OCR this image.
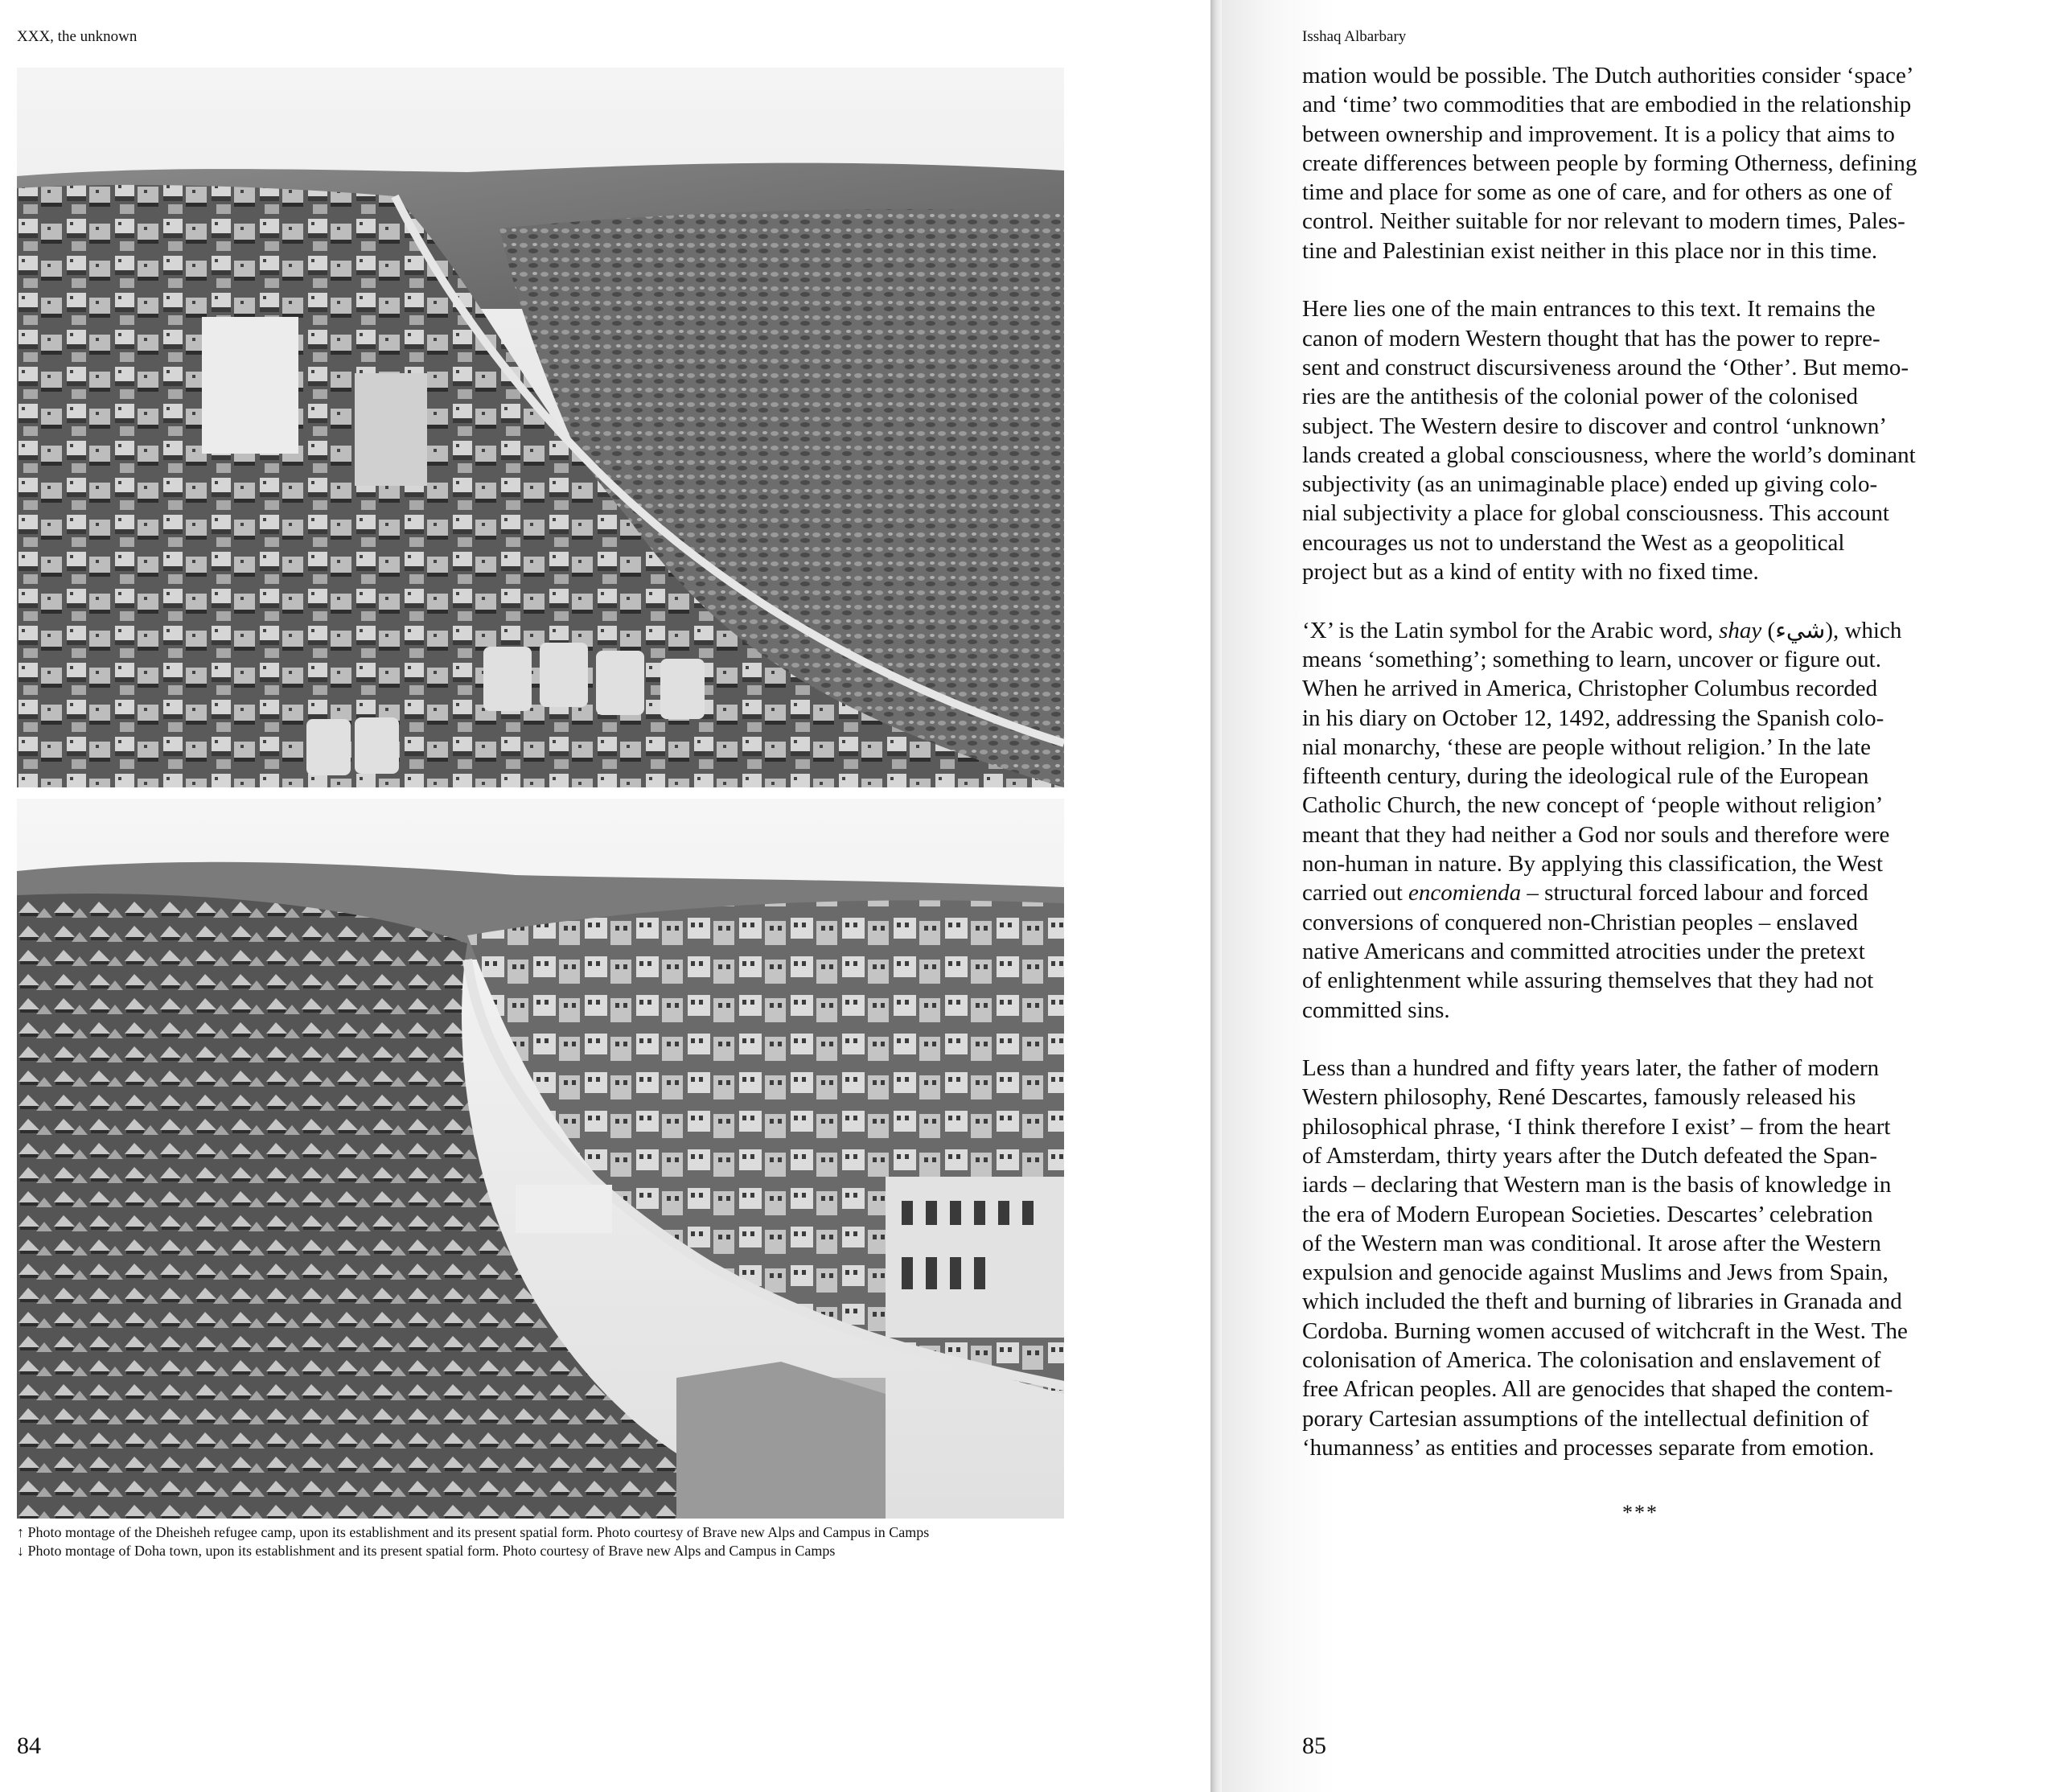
XXX, the unknown
↑ Photo montage of the Dheisheh refugee camp, upon its establishment and its present spatial form. Photo courtesy of Brave new Alps and Campus in Camps
↓ Photo montage of Doha town, upon its establishment and its present spatial form. Photo courtesy of Brave new Alps and Campus in Camps
84
Isshaq Albarbary

mation would be possible. The Dutch authorities consider ‘space’
and ‘time’ two commodities that are embodied in the relationship
between ownership and improvement. It is a policy that aims to
create differences between people by forming Otherness, defining
time and place for some as one of care, and for others as one of
control. Neither suitable for nor relevant to modern times, Pales-
tine and Palestinian exist neither in this place nor in this time.

Here lies one of the main entrances to this text. It remains the
canon of modern Western thought that has the power to repre-
sent and construct discursiveness around the ‘Other’. But memo-
ries are the antithesis of the colonial power of the colonised
subject. The Western desire to discover and control ‘unknown’
lands created a global consciousness, where the world’s dominant
subjectivity (as an unimaginable place) ended up giving colo-
nial subjectivity a place for global consciousness. This account
encourages us not to understand the West as a geopolitical
project but as a kind of entity with no fixed time.

‘X’ is the Latin symbol for the Arabic word, shay (شيء), which
means ‘something’; something to learn, uncover or figure out.
When he arrived in America, Christopher Columbus recorded
in his diary on October 12, 1492, addressing the Spanish colo-
nial monarchy, ‘these are people without religion.’ In the late
fifteenth century, during the ideological rule of the European
Catholic Church, the new concept of ‘people without religion’
meant that they had neither a God nor souls and therefore were
non-human in nature. By applying this classification, the West
carried out encomienda – structural forced labour and forced
conversions of conquered non-Christian peoples – enslaved
native Americans and committed atrocities under the pretext
of enlightenment while assuring themselves that they had not
committed sins.

Less than a hundred and fifty years later, the father of modern
Western philosophy, René Descartes, famously released his
philosophical phrase, ‘I think therefore I exist’ – from the heart
of Amsterdam, thirty years after the Dutch defeated the Span-
iards – declaring that Western man is the basis of knowledge in
the era of Modern European Societies. Descartes’ celebration
of the Western man was conditional. It arose after the Western
expulsion and genocide against Muslims and Jews from Spain,
which included the theft and burning of libraries in Granada and
Cordoba. Burning women accused of witchcraft in the West. The
colonisation of America. The colonisation and enslavement of
free African peoples. All are genocides that shaped the contem-
porary Cartesian assumptions of the intellectual definition of
‘humanness’ as entities and processes separate from emotion.

85
***
